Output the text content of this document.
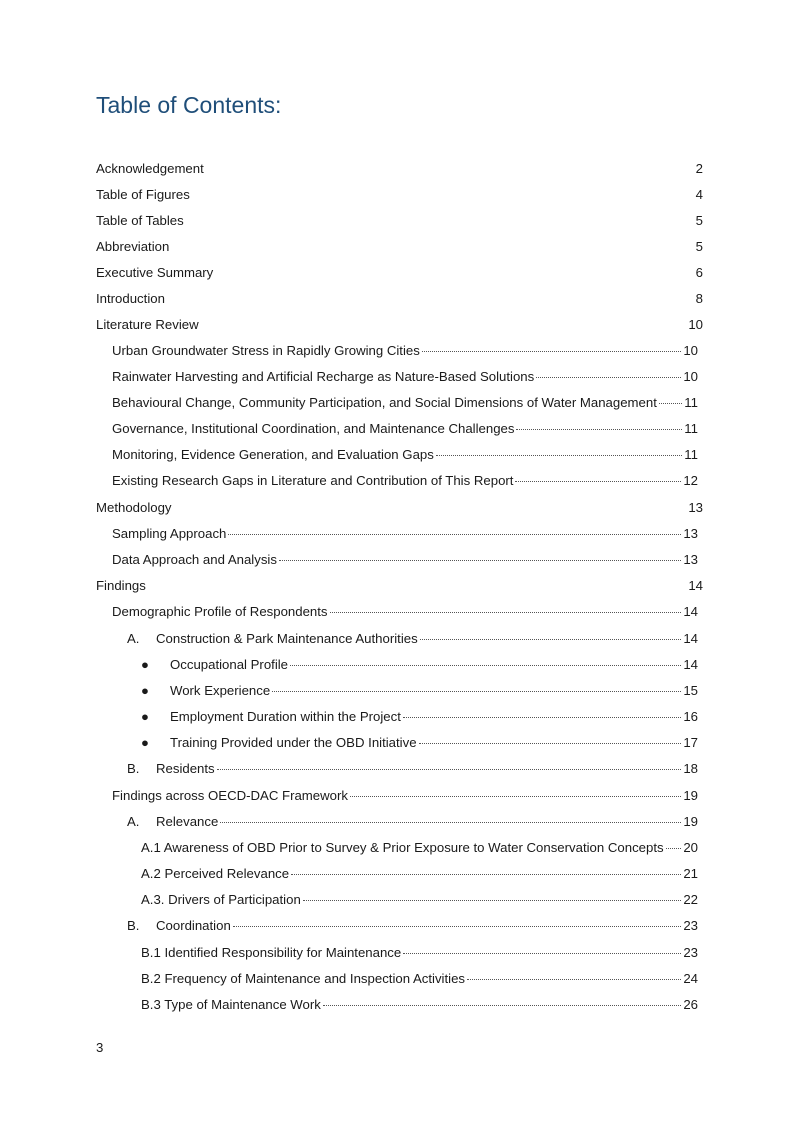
Table of Contents:
Acknowledgement	2
Table of Figures	4
Table of Tables	5
Abbreviation	5
Executive Summary	6
Introduction	8
Literature Review	10
Urban Groundwater Stress in Rapidly Growing Cities	10
Rainwater Harvesting and Artificial Recharge as Nature-Based Solutions	10
Behavioural Change, Community Participation, and Social Dimensions of Water Management 11
Governance, Institutional Coordination, and Maintenance Challenges	11
Monitoring, Evidence Generation, and Evaluation Gaps	11
Existing Research Gaps in Literature and Contribution of This Report	12
Methodology	13
Sampling Approach	13
Data Approach and Analysis	13
Findings	14
Demographic Profile of Respondents	14
A.	Construction & Park Maintenance Authorities	14
●	Occupational Profile	14
●	Work Experience	15
●	Employment Duration within the Project	16
●	Training Provided under the OBD Initiative	17
B.	Residents	18
Findings across OECD-DAC Framework	19
A.	Relevance	19
A.1 Awareness of OBD Prior to Survey & Prior Exposure to Water Conservation Concepts 20
A.2 Perceived Relevance	21
A.3. Drivers of Participation	22
B.	Coordination	23
B.1 Identified Responsibility for Maintenance	23
B.2 Frequency of Maintenance and Inspection Activities	24
B.3 Type of Maintenance Work	26
3
